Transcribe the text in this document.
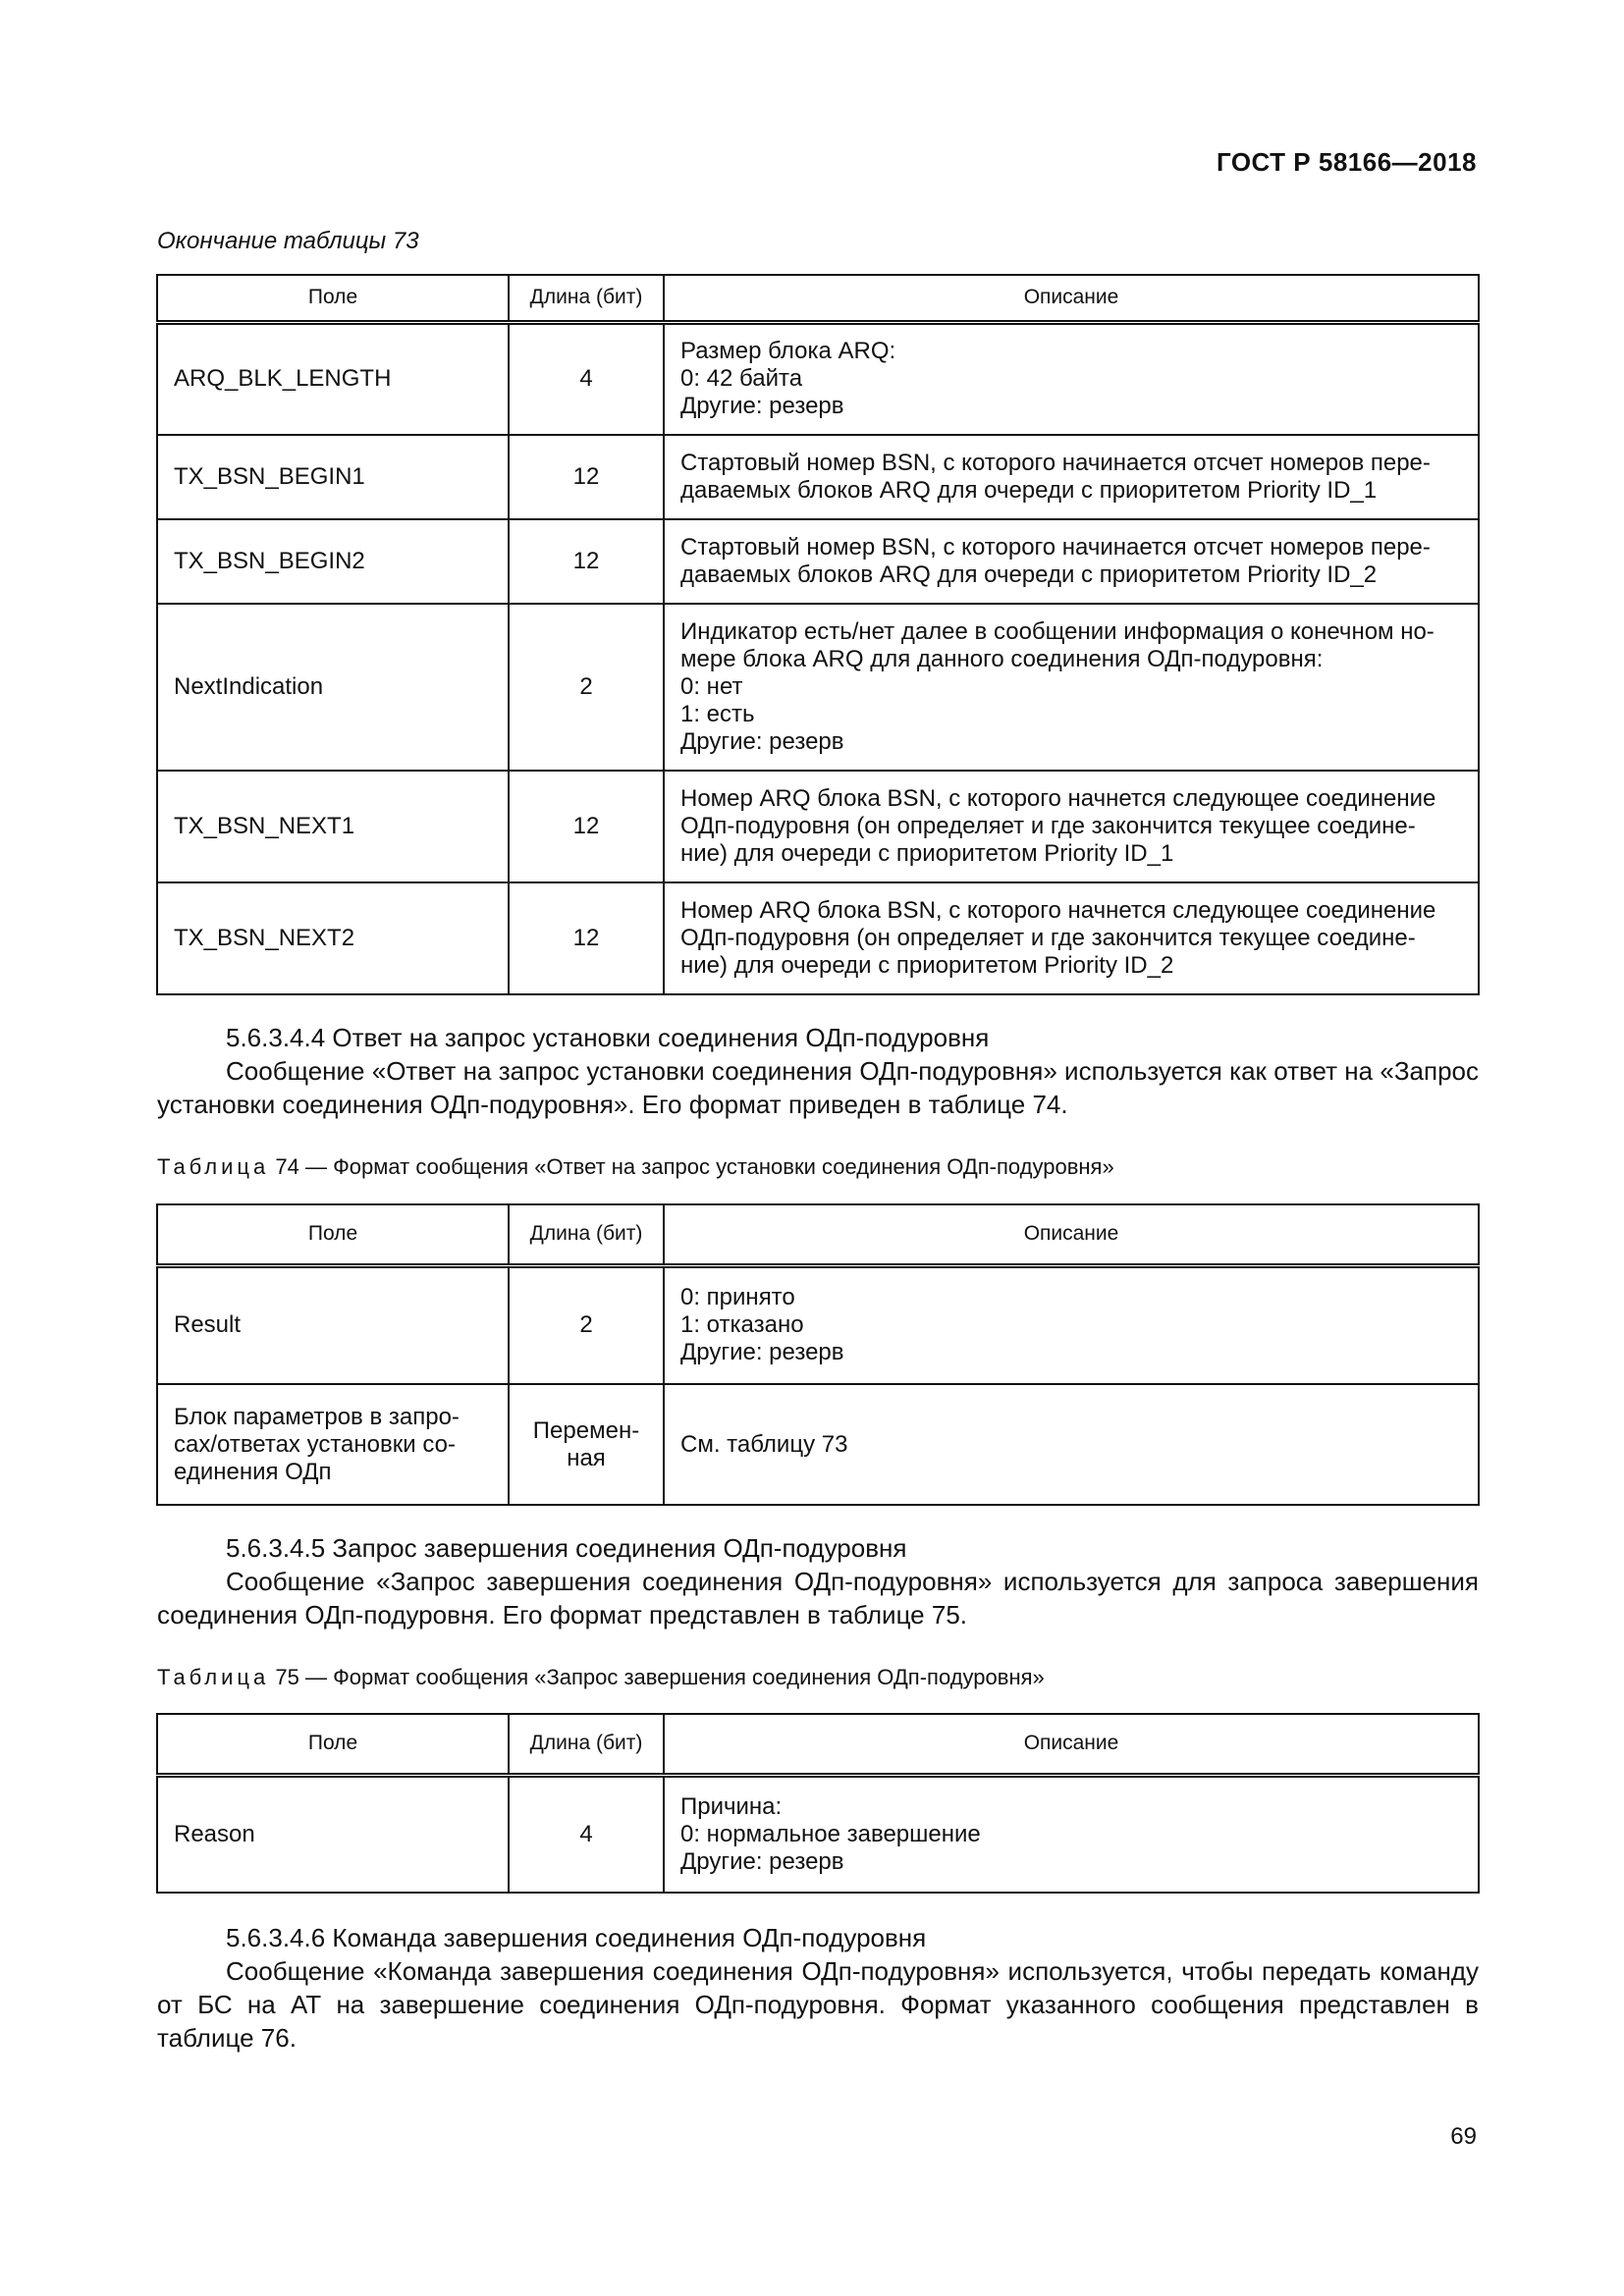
ГОСТ Р 58166—2018
Окончание таблицы 73
Поле	Длина (бит)	Описание
ARQ_BLK_LENGTH	4	Размер блока ARQ:
0: 42 байта
Другие: резерв

TX_BSN_BEGIN1	12	Стартовый номер BSN, с которого начинается отсчет номеров пере-
даваемых блоков ARQ для очереди с приоритетом Priority ID_1

TX_BSN_BEGIN2	12	Стартовый номер BSN, с которого начинается отсчет номеров пере-
даваемых блоков ARQ для очереди с приоритетом Priority ID_2

NextIndication	2	Индикатор есть/нет далее в сообщении информация о конечном но-
мере блока ARQ для данного соединения ОДп-подуровня:
0: нет
1: есть
Другие: резерв

TX_BSN_NEXT1	12	Номер ARQ блока BSN, с которого начнется следующее соединение
ОДп-подуровня (он определяет и где закончится текущее соедине-
ние) для очереди с приоритетом Priority ID_1

TX_BSN_NEXT2	12	Номер ARQ блока BSN, с которого начнется следующее соединение
ОДп-подуровня (он определяет и где закончится текущее соедине-
ние) для очереди с приоритетом Priority ID_2
5.6.3.4.4 Ответ на запрос установки соединения ОДп-подуровня
Сообщение «Ответ на запрос установки соединения ОДп-подуровня» используется как ответ на «Запрос установки соединения ОДп-подуровня». Его формат приведен в таблице 74.
Таблица 74 — Формат сообщения «Ответ на запрос установки соединения ОДп-подуровня»
Поле	Длина (бит)	Описание
Result	2	0: принято
1: отказано
Другие: резерв

Блок параметров в запро-
сах/ответах установки со-
единения ОДп	Перемен-
ная	См. таблицу 73
5.6.3.4.5 Запрос завершения соединения ОДп-подуровня
Сообщение «Запрос завершения соединения ОДп-подуровня» используется для запроса завершения соединения ОДп-подуровня. Его формат представлен в таблице 75.
Таблица 75 — Формат сообщения «Запрос завершения соединения ОДп-подуровня»
Поле	Длина (бит)	Описание
Reason	4	Причина:
0: нормальное завершение
Другие: резерв
5.6.3.4.6 Команда завершения соединения ОДп-подуровня
Сообщение «Команда завершения соединения ОДп-подуровня» используется, чтобы передать команду от БС на АТ на завершение соединения ОДп-подуровня. Формат указанного сообщения представлен в таблице 76.
69
